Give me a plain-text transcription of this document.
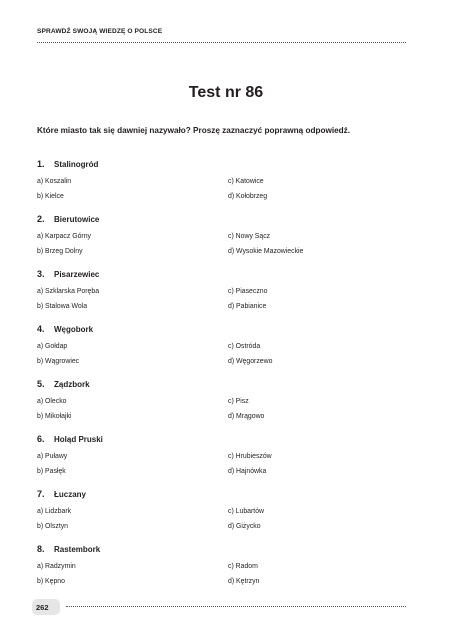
SPRAWDŹ SWOJĄ WIEDZĘ O POLSCE
Test nr 86
Które miasto tak się dawniej nazywało? Proszę zaznaczyć poprawną odpowiedź.
1. Stalinogród
a) Koszalin
b) Kielce
c) Katowice
d) Kołobrzeg
2. Bierutowice
a) Karpacz Górny
b) Brzeg Dolny
c) Nowy Sącz
d) Wysokie Mazowieckie
3. Pisarzewiec
a) Szklarska Poręba
b) Stalowa Wola
c) Piaseczno
d) Pabianice
4. Węgobork
a) Gołdap
b) Wągrowiec
c) Ostróda
d) Węgorzewo
5. Ządzbork
a) Olecko
b) Mikołajki
c) Pisz
d) Mrągowo
6. Holąd Pruski
a) Puławy
b) Pasłęk
c) Hrubieszów
d) Hajnówka
7. Łuczany
a) Lidzbark
b) Olsztyn
c) Lubartów
d) Giżycko
8. Rastembork
a) Radzymin
b) Kępno
c) Radom
d) Kętrzyn
262
